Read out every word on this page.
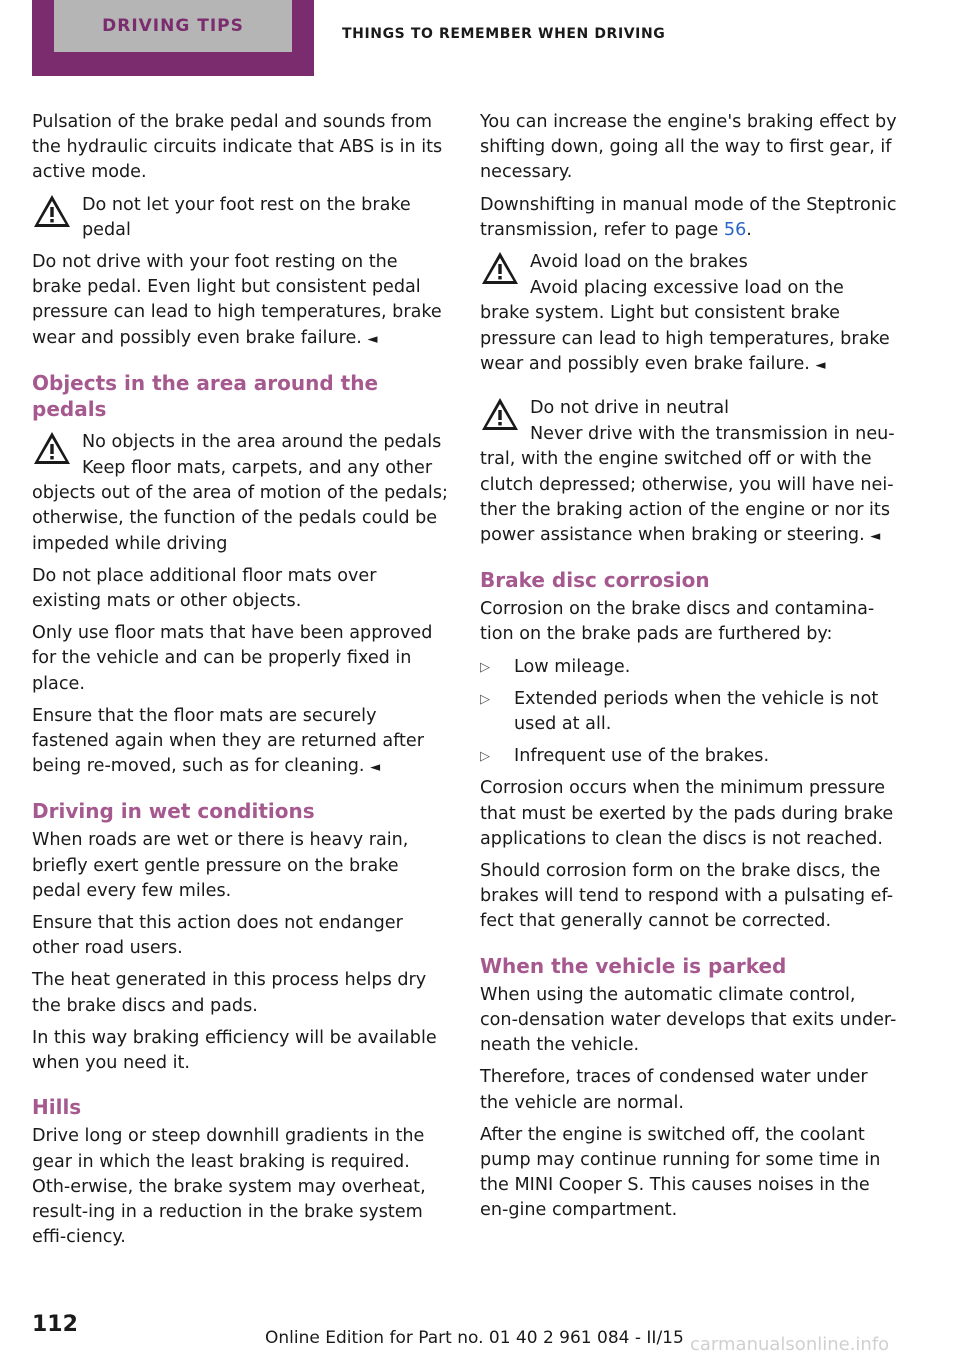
DRIVING TIPS	THINGS TO REMEMBER WHEN DRIVING

Pulsation of the brake pedal and sounds from the hydraulic circuits indicate that ABS is in its active mode.

Do not let your foot rest on the brake pedal

Do not drive with your foot resting on the brake pedal. Even light but consistent pedal pressure can lead to high temperatures, brake wear and possibly even brake failure. ◄

Objects in the area around the pedals

No objects in the area around the pedals

Keep floor mats, carpets, and any other objects out of the area of motion of the pedals; otherwise, the function of the pedals could be impeded while driving

Do not place additional floor mats over existing mats or other objects.

Only use floor mats that have been approved for the vehicle and can be properly fixed in place.

Ensure that the floor mats are securely fastened again when they are returned after being re-moved, such as for cleaning. ◄

Driving in wet conditions

When roads are wet or there is heavy rain, briefly exert gentle pressure on the brake pedal every few miles.

Ensure that this action does not endanger other road users.

The heat generated in this process helps dry the brake discs and pads.

In this way braking efficiency will be available when you need it.

Hills

Drive long or steep downhill gradients in the gear in which the least braking is required. Oth-erwise, the brake system may overheat, result-ing in a reduction in the brake system effi-ciency.

You can increase the engine's braking effect by shifting down, going all the way to first gear, if necessary.

Downshifting in manual mode of the Steptronic transmission, refer to page 56.

Avoid load on the brakes

Avoid placing excessive load on the brake system. Light but consistent brake pressure can lead to high temperatures, brake wear and possibly even brake failure. ◄

Do not drive in neutral

Never drive with the transmission in neu-tral, with the engine switched off or with the clutch depressed; otherwise, you will have nei-ther the braking action of the engine or nor its power assistance when braking or steering. ◄

Brake disc corrosion

Corrosion on the brake discs and contamina-tion on the brake pads are furthered by:

▷ Low mileage.
▷ Extended periods when the vehicle is not used at all.
▷ Infrequent use of the brakes.

Corrosion occurs when the minimum pressure that must be exerted by the pads during brake applications to clean the discs is not reached.

Should corrosion form on the brake discs, the brakes will tend to respond with a pulsating ef-fect that generally cannot be corrected.

When the vehicle is parked

When using the automatic climate control, con-densation water develops that exits under-neath the vehicle.

Therefore, traces of condensed water under the vehicle are normal.

After the engine is switched off, the coolant pump may continue running for some time in the MINI Cooper S. This causes noises in the en-gine compartment.

112
Online Edition for Part no. 01 40 2 961 084 - II/15 carmanualsonline.info
